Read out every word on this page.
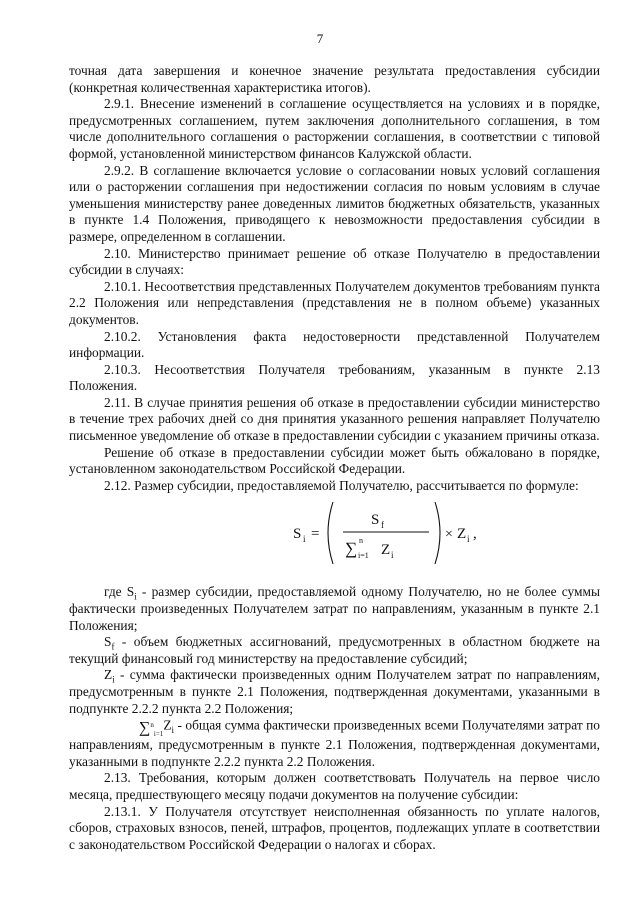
7

точная дата завершения и конечное значение результата предоставления субсидии (конкретная количественная характеристика итогов).

2.9.1. Внесение изменений в соглашение осуществляется на условиях и в порядке, предусмотренных соглашением, путем заключения дополнительного соглашения, в том числе дополнительного соглашения о расторжении соглашения, в соответствии с типовой формой, установленной министерством финансов Калужской области.

2.9.2. В соглашение включается условие о согласовании новых условий соглашения или о расторжении соглашения при недостижении согласия по новым условиям в случае уменьшения министерству ранее доведенных лимитов бюджетных обязательств, указанных в пункте 1.4 Положения, приводящего к невозможности предоставления субсидии в размере, определенном в соглашении.

2.10. Министерство принимает решение об отказе Получателю в предоставлении субсидии в случаях:

2.10.1. Несоответствия представленных Получателем документов требованиям пункта 2.2 Положения или непредставления (представления не в полном объеме) указанных документов.

2.10.2. Установления факта недостоверности представленной Получателем информации.

2.10.3. Несоответствия Получателя требованиям, указанным в пункте 2.13 Положения.

2.11. В случае принятия решения об отказе в предоставлении субсидии министерство в течение трех рабочих дней со дня принятия указанного решения направляет Получателю письменное уведомление об отказе в предоставлении субсидии с указанием причины отказа.

Решение об отказе в предоставлении субсидии может быть обжаловано в порядке, установленном законодательством Российской Федерации.

2.12. Размер субсидии, предоставляемой Получателю, рассчитывается по формуле:

S i =
S f
∑ n
i=1 Z i
× Z i ,

где $S_i$ - размер субсидии, предоставляемой одному Получателю, но не более суммы фактически произведенных Получателем затрат по направлениям, указанным в пункте 2.1 Положения;

$S_f$ - объем бюджетных ассигнований, предусмотренных в областном бюджете на текущий финансовый год министерству на предоставление субсидий;

$Z_i$ - сумма фактически произведенных одним Получателем затрат по направлениям, предусмотренным в пункте 2.1 Положения, подтвержденная документами, указанными в подпункте 2.2.2 пункта 2.2 Положения;

$\sum^n_{i=1}Z_i$ - общая сумма фактически произведенных всеми Получателями затрат по направлениям, предусмотренным в пункте 2.1 Положения, подтвержденная документами, указанными в подпункте 2.2.2 пункта 2.2 Положения.

2.13. Требования, которым должен соответствовать Получатель на первое число месяца, предшествующего месяцу подачи документов на получение субсидии:

2.13.1. У Получателя отсутствует неисполненная обязанность по уплате налогов, сборов, страховых взносов, пеней, штрафов, процентов, подлежащих уплате в соответствии с законодательством Российской Федерации о налогах и сборах.
